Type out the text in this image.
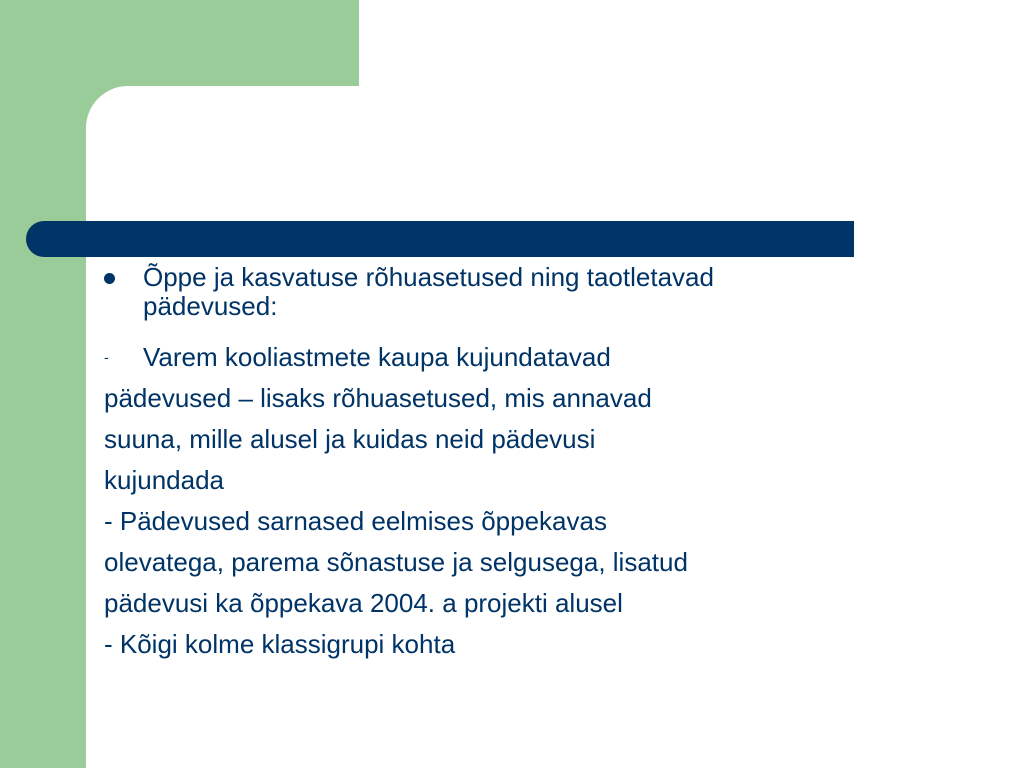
Õppe ja kasvatuse rõhuasetused ning taotletavad
pädevused:
- Varem kooliastmete kaupa kujundatavad
pädevused – lisaks rõhuasetused, mis annavad
suuna, mille alusel ja kuidas neid pädevusi
kujundada
- Pädevused sarnased eelmises õppekavas
olevatega, parema sõnastuse ja selgusega, lisatud
pädevusi ka õppekava 2004. a projekti alusel
- Kõigi kolme klassigrupi kohta
